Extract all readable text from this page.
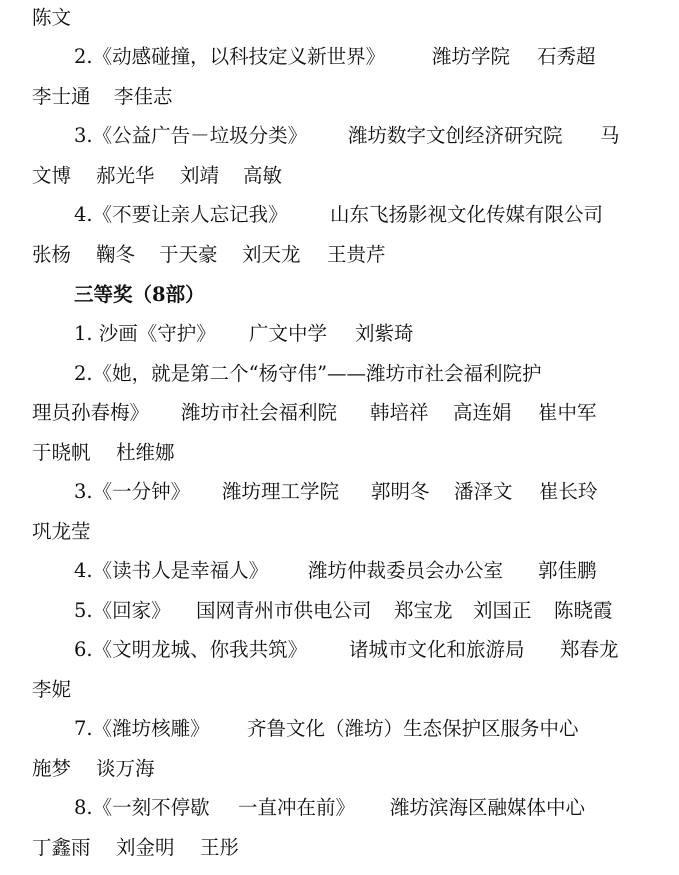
陈文
2.《动感碰撞，以科技定义新世界》 潍坊学院 石秀超
李士通 李佳志
3.《公益广告－垃圾分类》 潍坊数字文创经济研究院 马
文博 郝光华 刘靖 高敏
4.《不要让亲人忘记我》 山东飞扬影视文化传媒有限公司
张杨 鞠冬 于天豪 刘天龙 王贵芹
三等奖（8部）
1. 沙画《守护》 广文中学 刘紫琦
2.《她，就是第二个“杨守伟”——潍坊市社会福利院护
理员孙春梅》 潍坊市社会福利院 韩培祥 高连娟 崔中军
于晓帆 杜维娜
3.《一分钟》 潍坊理工学院 郭明冬 潘泽文 崔长玲
巩龙莹
4.《读书人是幸福人》 潍坊仲裁委员会办公室 郭佳鹏
5.《回家》 国网青州市供电公司 郑宝龙 刘国正 陈晓霞
6.《文明龙城、你我共筑》 诸城市文化和旅游局 郑春龙
李妮
7.《潍坊核雕》 齐鲁文化（潍坊）生态保护区服务中心
施梦 谈万海
8.《一刻不停歇 一直冲在前》 潍坊滨海区融媒体中心
丁鑫雨 刘金明 王彤
